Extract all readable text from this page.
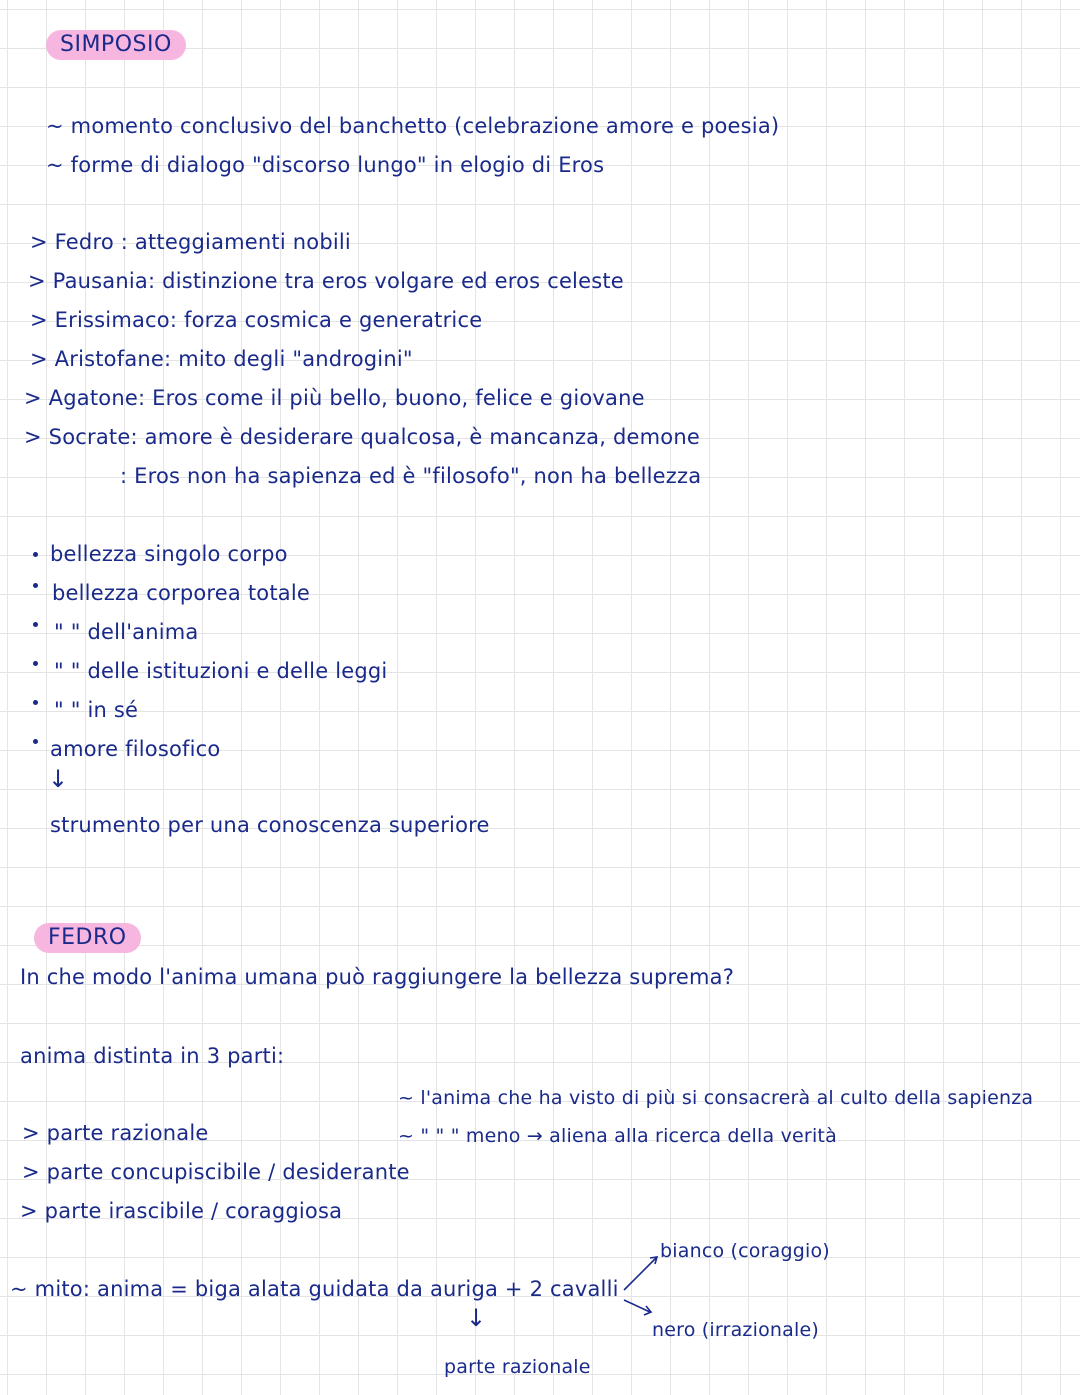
SIMPOSIO
~ momento conclusivo del banchetto (celebrazione amore e poesia)
~ forme di dialogo "discorso lungo" in elogio di Eros
> Fedro : atteggiamenti nobili
> Pausania: distinzione tra eros volgare ed eros celeste
> Erissimaco: forza cosmica e generatrice
> Aristofane: mito degli "androgini"
> Agatone: Eros come il più bello, buono, felice e giovane
> Socrate: amore è desiderare qualcosa, è mancanza, demone
: Eros non ha sapienza ed è "filosofo", non ha bellezza
bellezza singolo corpo
bellezza corporea totale
" " dell'anima
" " delle istituzioni e delle leggi
" " in sé
amore filosofico
↓
strumento per una conoscenza superiore
FEDRO
In che modo l'anima umana può raggiungere la bellezza suprema?
anima distinta in 3 parti:
~ l'anima che ha visto di più si consacrerà al culto della sapienza
~ " " " meno → aliena alla ricerca della verità
> parte razionale
> parte concupiscibile / desiderante
> parte irascibile / coraggiosa
~ mito: anima = biga alata guidata da auriga + 2 cavalli
↓
parte razionale
bianco (coraggio)
nero (irrazionale)
